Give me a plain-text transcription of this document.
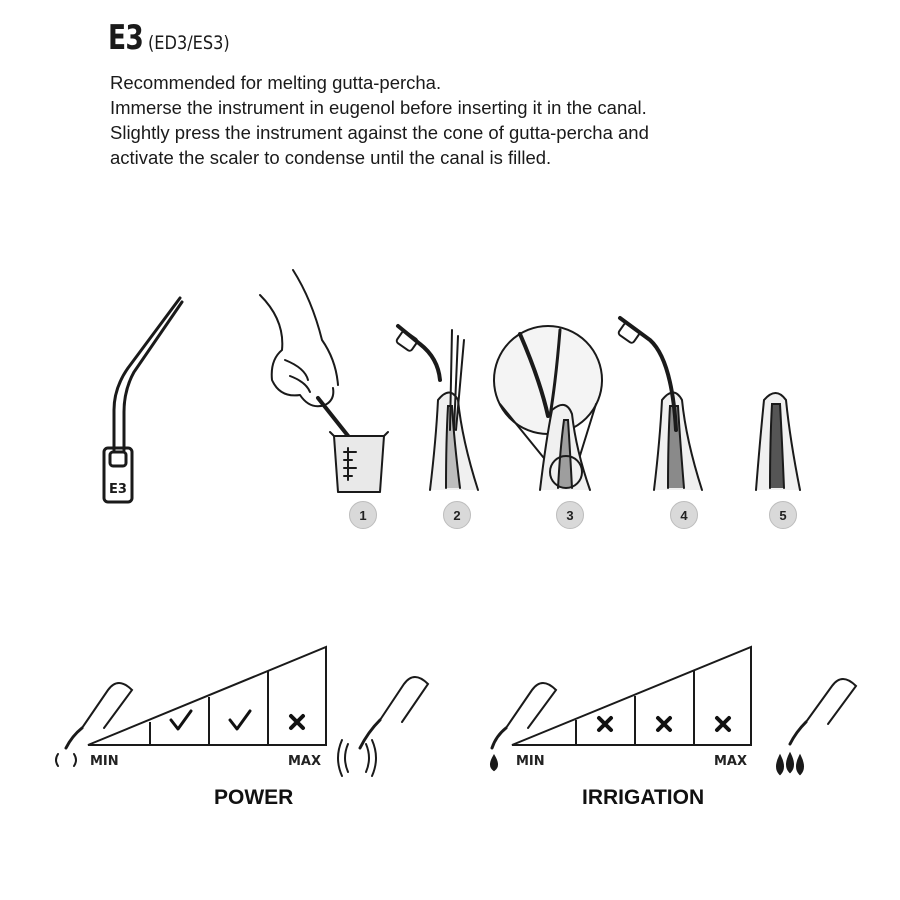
E3 (ED3/ES3)
Recommended for melting gutta-percha.
Immerse the instrument in eugenol before inserting it in the canal.
Slightly press the instrument against the cone of gutta-percha and
activate the scaler to condense until the canal is filled.
E3
1	2	3	4	5
MIN	MAX
POWER
MIN	MAX
IRRIGATION
